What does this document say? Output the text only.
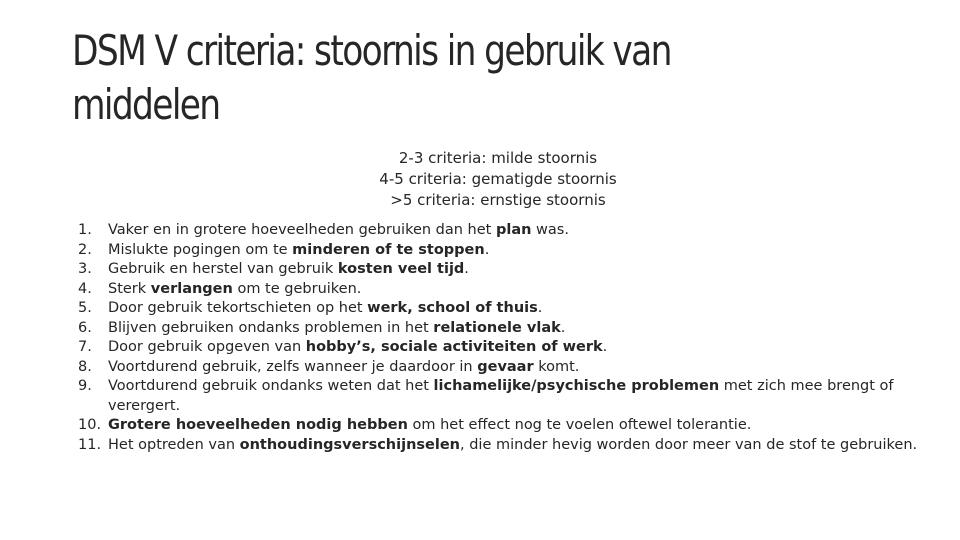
DSM V criteria: stoornis in gebruik van middelen
2-3 criteria: milde stoornis
4-5 criteria: gematigde stoornis
>5 criteria: ernstige stoornis
1.	Vaker en in grotere hoeveelheden gebruiken dan het plan was.
2.	Mislukte pogingen om te minderen of te stoppen.
3.	Gebruik en herstel van gebruik kosten veel tijd.
4.	Sterk verlangen om te gebruiken.
5.	Door gebruik tekortschieten op het werk, school of thuis.
6.	Blijven gebruiken ondanks problemen in het relationele vlak.
7.	Door gebruik opgeven van hobby’s, sociale activiteiten of werk.
8.	Voortdurend gebruik, zelfs wanneer je daardoor in gevaar komt.
9.	Voortdurend gebruik ondanks weten dat het lichamelijke/psychische problemen met zich mee brengt of verergert.
10. Grotere hoeveelheden nodig hebben om het effect nog te voelen oftewel tolerantie.
11. Het optreden van onthoudingsverschijnselen, die minder hevig worden door meer van de stof te gebruiken.
